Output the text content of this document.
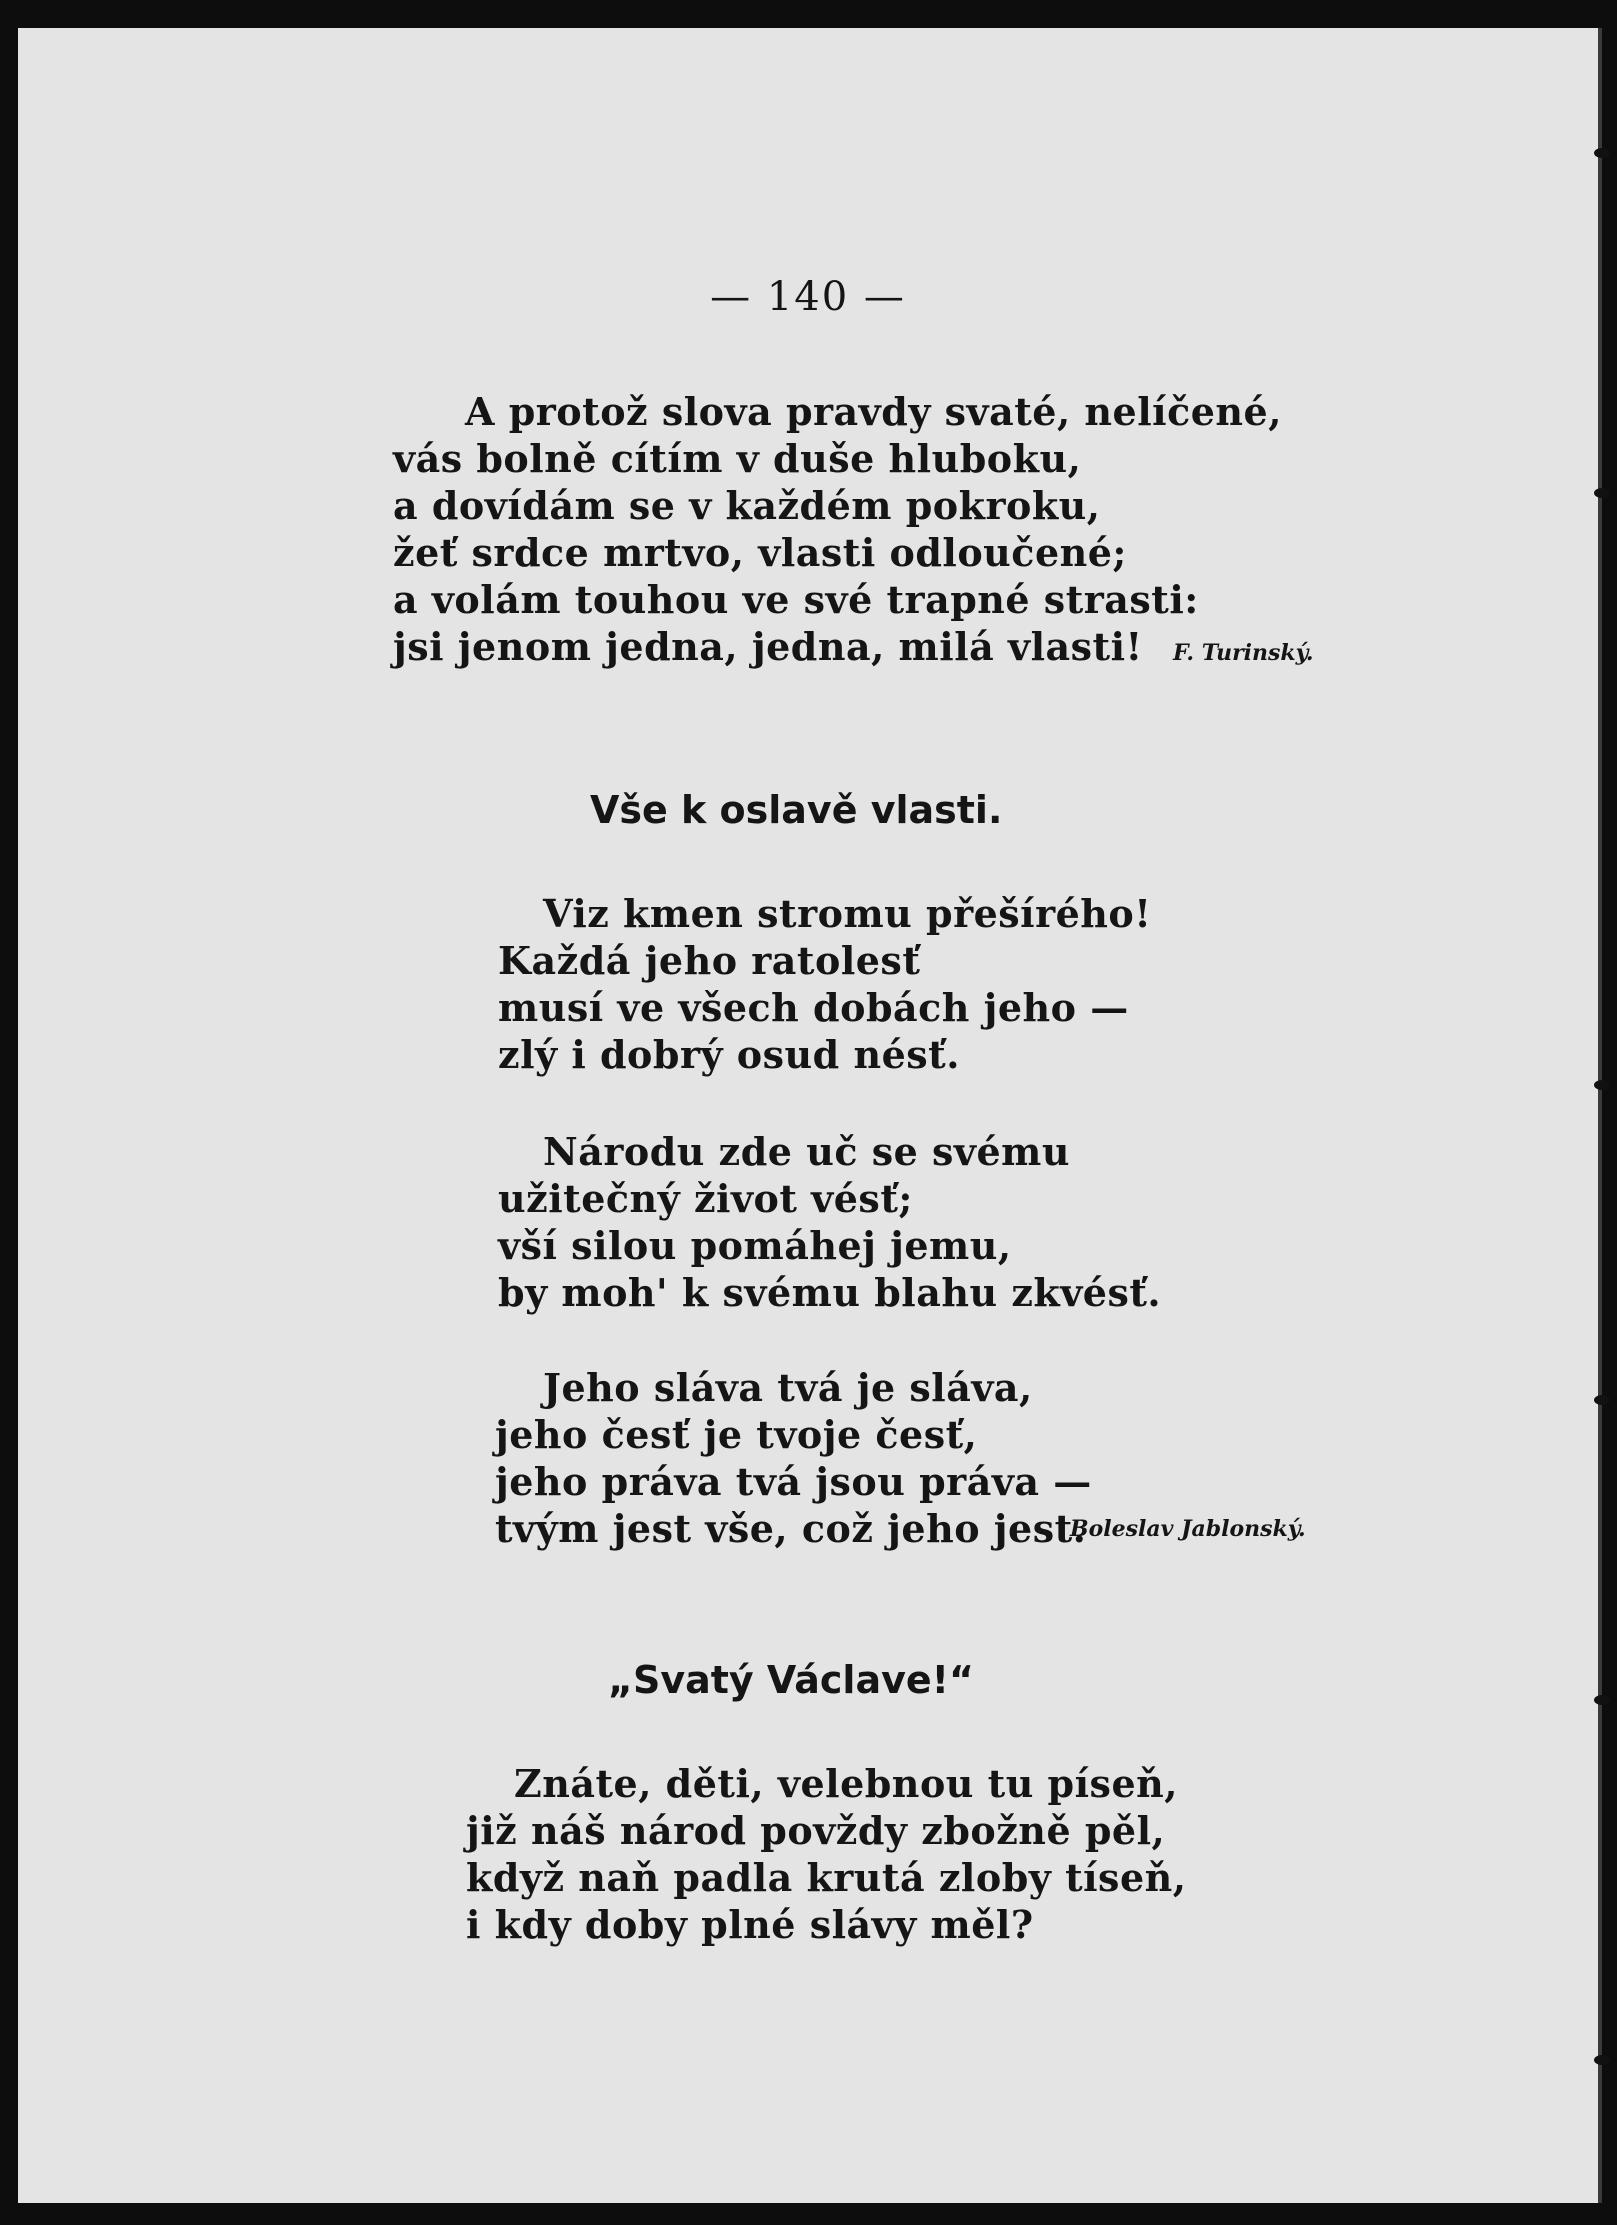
— 140 —
A protož slova pravdy svaté, nelíčené,
vás bolně cítím v duše hluboku,
a dovídám se v každém pokroku,
žeť srdce mrtvo, vlasti odloučené;
a volám touhou ve své trapné strasti:
jsi jenom jedna, jedna, milá vlasti!	F. Turinský.
Vše k oslavě vlasti.
Viz kmen stromu přešírého!
Každá jeho ratolesť
musí ve všech dobách jeho —
zlý i dobrý osud nésť.
Národu zde uč se svému
užitečný život vésť;
vší silou pomáhej jemu,
by moh' k svému blahu zkvésť.
Jeho sláva tvá je sláva,
jeho česť je tvoje česť,
jeho práva tvá jsou práva —
tvým jest vše, což jeho jest.
Boleslav Jablonský.
„Svatý Václave!“
Znáte, děti, velebnou tu píseň,
již náš národ povždy zbožně pěl,
když naň padla krutá zloby tíseň,
i kdy doby plné slávy měl?
